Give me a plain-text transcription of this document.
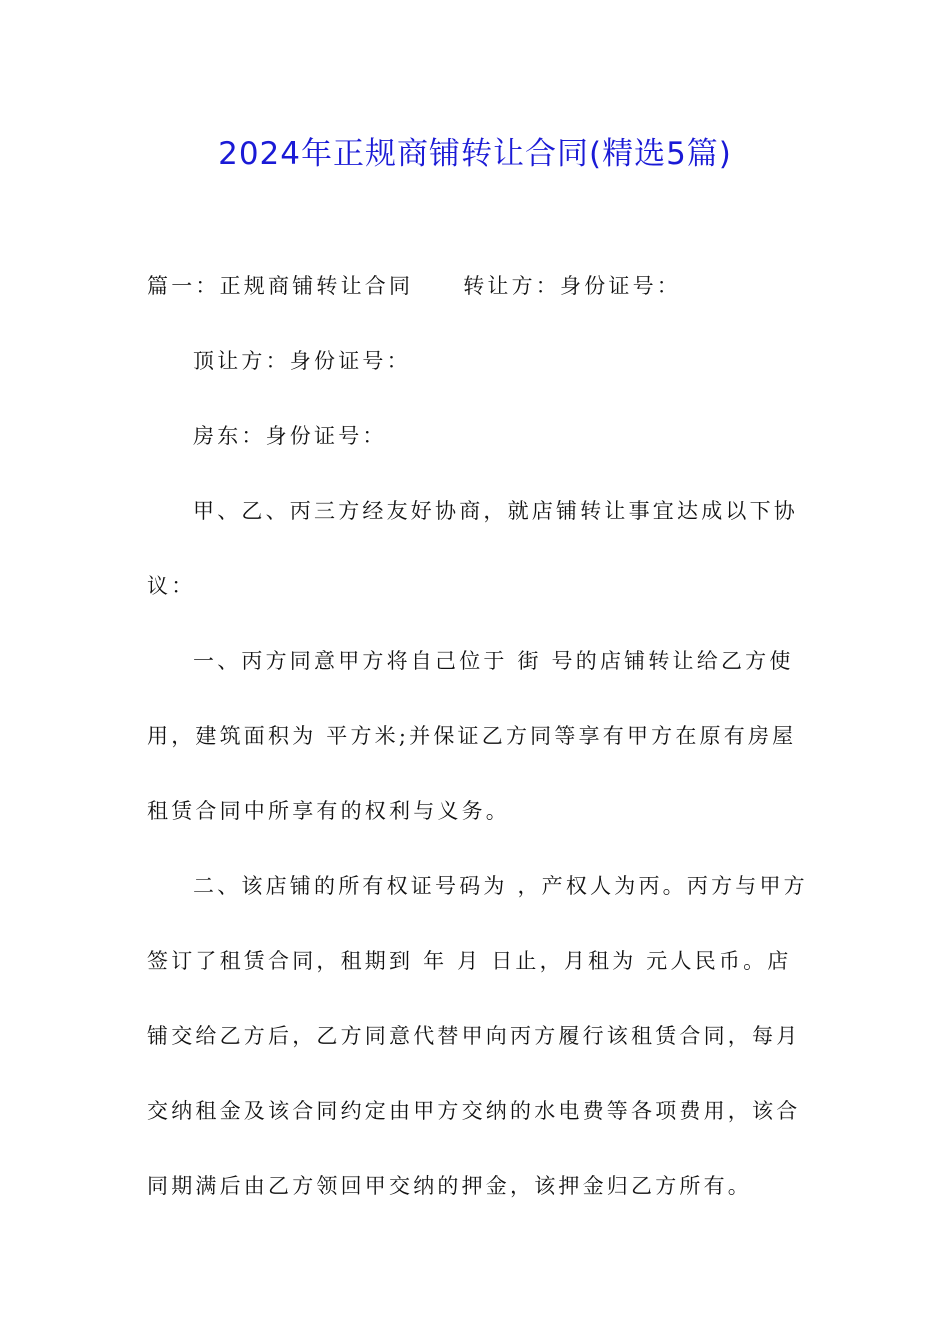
2024年正规商铺转让合同(精选5篇)
篇一：正规商铺转让合同 转让方：身份证号：
顶让方：身份证号：
房东：身份证号：
甲、乙、丙三方经友好协商，就店铺转让事宜达成以下协
议：
一、丙方同意甲方将自己位于 街 号的店铺转让给乙方使
用，建筑面积为 平方米;并保证乙方同等享有甲方在原有房屋
租赁合同中所享有的权利与义务。
二、该店铺的所有权证号码为 ，产权人为丙。丙方与甲方
签订了租赁合同，租期到 年 月 日止，月租为 元人民币。店
铺交给乙方后，乙方同意代替甲向丙方履行该租赁合同，每月
交纳租金及该合同约定由甲方交纳的水电费等各项费用，该合
同期满后由乙方领回甲交纳的押金，该押金归乙方所有。
